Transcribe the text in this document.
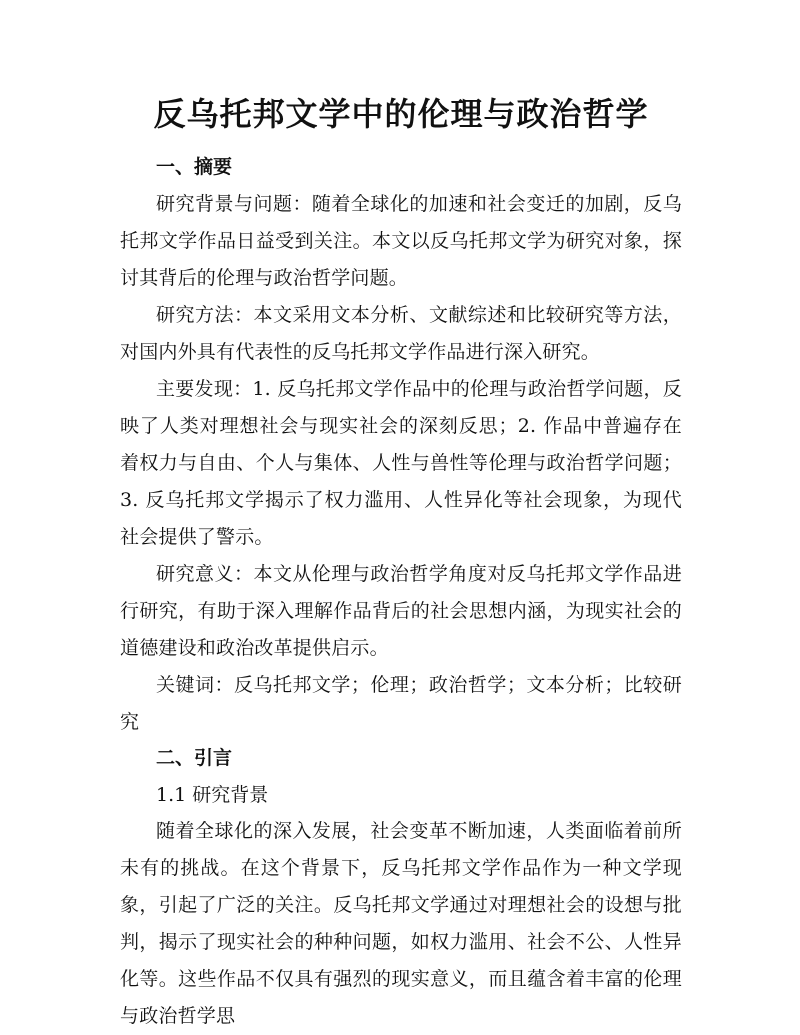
反乌托邦文学中的伦理与政治哲学
一、摘要

研究背景与问题：随着全球化的加速和社会变迁的加剧，反乌托邦文学作品日益受到关注。本文以反乌托邦文学为研究对象，探讨其背后的伦理与政治哲学问题。

研究方法：本文采用文本分析、文献综述和比较研究等方法，对国内外具有代表性的反乌托邦文学作品进行深入研究。

主要发现：1. 反乌托邦文学作品中的伦理与政治哲学问题，反映了人类对理想社会与现实社会的深刻反思；2. 作品中普遍存在着权力与自由、个人与集体、人性与兽性等伦理与政治哲学问题；3. 反乌托邦文学揭示了权力滥用、人性异化等社会现象，为现代社会提供了警示。

研究意义：本文从伦理与政治哲学角度对反乌托邦文学作品进行研究，有助于深入理解作品背后的社会思想内涵，为现实社会的道德建设和政治改革提供启示。

关键词：反乌托邦文学；伦理；政治哲学；文本分析；比较研究

二、引言
1.1 研究背景

随着全球化的深入发展，社会变革不断加速，人类面临着前所未有的挑战。在这个背景下，反乌托邦文学作品作为一种文学现象，引起了广泛的关注。反乌托邦文学通过对理想社会的设想与批判，揭示了现实社会的种种问题，如权力滥用、社会不公、人性异化等。这些作品不仅具有强烈的现实意义，而且蕴含着丰富的伦理与政治哲学思
